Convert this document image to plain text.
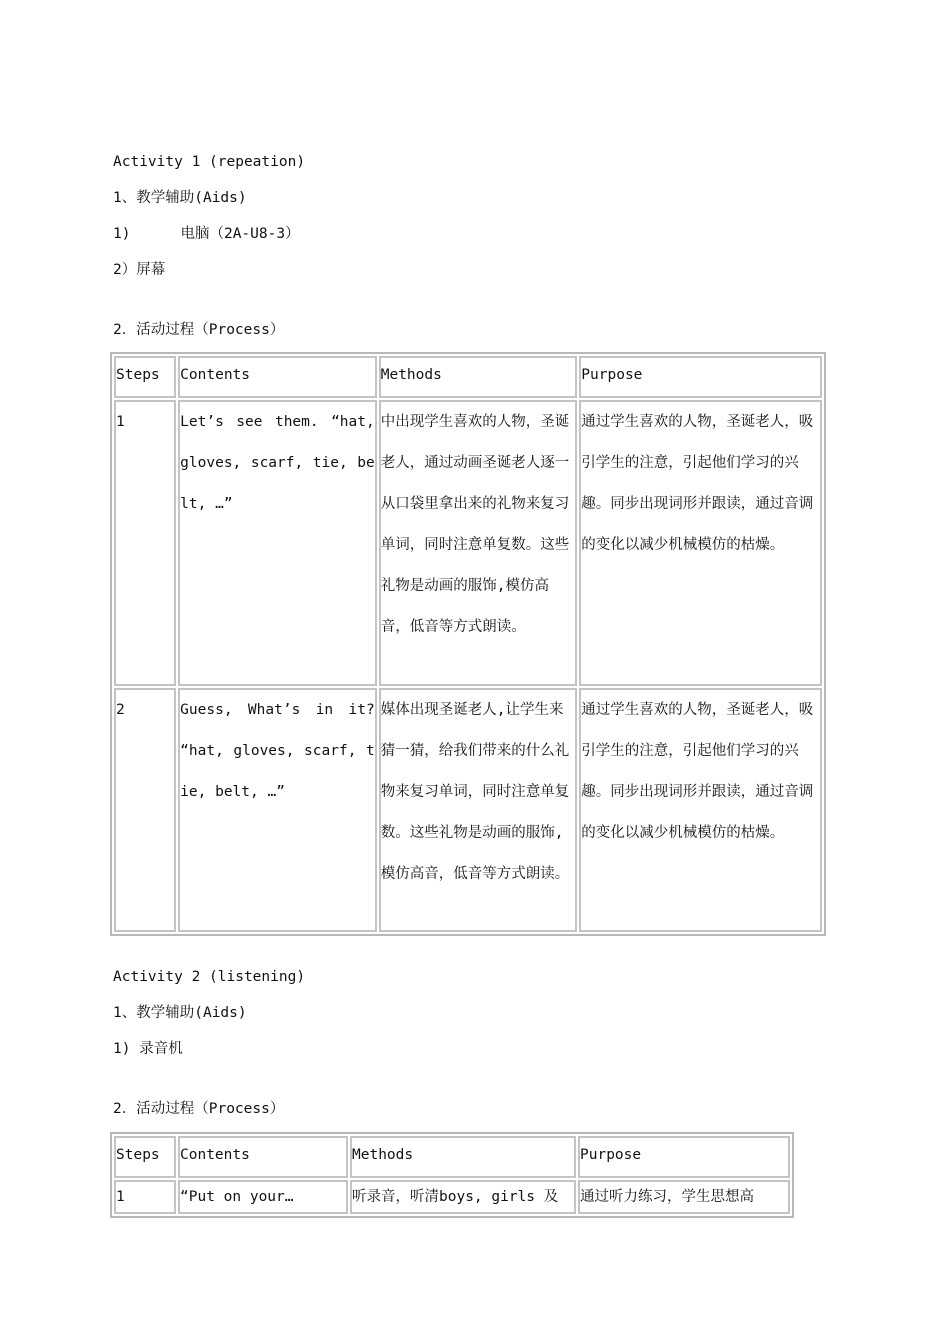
Activity 1 (repeation)
1、教学辅助(Aids)
1)	电脑（2A-U8-3）
2）屏幕
2．活动过程（Process）
Steps	Contents	Methods	Purpose
1	Let’s see them. “hat, gloves, scarf, tie, belt, …”	中出现学生喜欢的人物，圣诞老人，通过动画圣诞老人逐一从口袋里拿出来的礼物来复习单词，同时注意单复数。这些礼物是动画的服饰,模仿高音，低音等方式朗读。	通过学生喜欢的人物，圣诞老人，吸引学生的注意，引起他们学习的兴趣。同步出现词形并跟读，通过音调的变化以减少机械模仿的枯燥。

2	Guess, What’s in it? “hat, gloves, scarf, tie, belt, …”	媒体出现圣诞老人,让学生来猜一猜，给我们带来的什么礼物来复习单词，同时注意单复数。这些礼物是动画的服饰, 模仿高音，低音等方式朗读。	通过学生喜欢的人物，圣诞老人，吸引学生的注意，引起他们学习的兴趣。同步出现词形并跟读，通过音调的变化以减少机械模仿的枯燥。
Activity 2 (listening)
1、教学辅助(Aids)
1) 录音机
2．活动过程（Process）
Steps	Contents	Methods	Purpose
1	“Put on your…	听录音，听清boys, girls 及	通过听力练习，学生思想高
